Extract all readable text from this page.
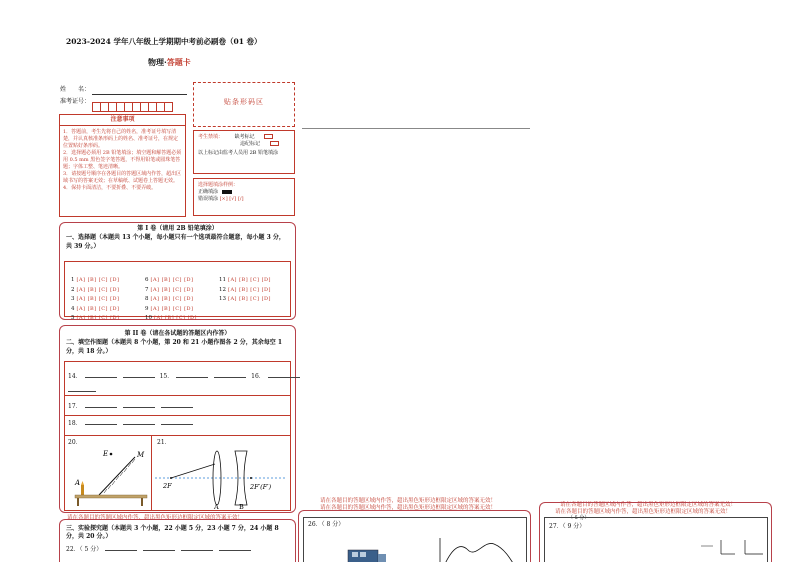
2023-2024 学年八年级上学期期中考前必刷卷（01 卷）
物理·答题卡
姓　　名：
准考证号：	贴条形码区
注意事项
1．答题前，考生先将自己的姓名，准考证号填写清楚，并认真核准条形码上的姓名、准考证号，在规定位置贴好条形码。
2．选择题必须用 2B 铅笔填涂；填空题和解答题必须用 0.5 mm 黑色签字笔答题，不得用铅笔或圆珠笔答题；字体工整、笔迹清晰。
3．请按题号顺序在各题目的答题区域内作答，超出区域书写的答案无效；在草稿纸、试题卷上答题无效。
4．保持卡面清洁，不要折叠、不要弄破。
考生禁填： 缺考标记
违纪标记
以上标记由监考人员用 2B 铅笔填涂
选择题填涂样例：
正确填涂
错误填涂 [×] [√] [/]
第 I 卷（请用 2B 铅笔填涂）
一、选择题（本题共 13 个小题，每小题只有一个选项最符合题意，每小题 3 分，共 39 分。）
1 [A] [B] [C] [D]
2 [A] [B] [C] [D]
3 [A] [B] [C] [D]
4 [A] [B] [C] [D]
5 [A] [B] [C] [D]
6 [A] [B] [C] [D]
7 [A] [B] [C] [D]
8 [A] [B] [C] [D]
9 [A] [B] [C] [D]
10 [A] [B] [C] [D]
11 [A] [B] [C] [D]
12 [A] [B] [C] [D]
13 [A] [B] [C] [D]
第 II 卷（请在各试题的答题区内作答）
二、填空作图题（本题共 8 个小题，第 20 和 21 小题作图各 2 分，其余每空 1 分，共 18 分。）
14．	15．	16．
17．
18．
20．	21．
E	M
A	2F	2F′(F′)
A	B
请在各题目的答题区域内作答，超出黑色矩形边框限定区域的答案无效！
请在各题目的答题区域内作答，超出黑色矩形边框限定区域的答案无效！
请在各题目的答题区域内作答，超出黑色矩形边框限定区域的答案无效！
请在各题目的答题区域内作答，超出黑色矩形边框限定区域的答案无效！
请在各题目的答题区域内作答，超出黑色矩形边框限定区域的答案无效！
三、实验探究题（本题共 3 个小题，22 小题 5 分，23 小题 7 分，24 小题 8 分，共 20 分。）
22．（ 5 分）
26．（ 8 分）
（ 5 分）
27．（ 9 分）
